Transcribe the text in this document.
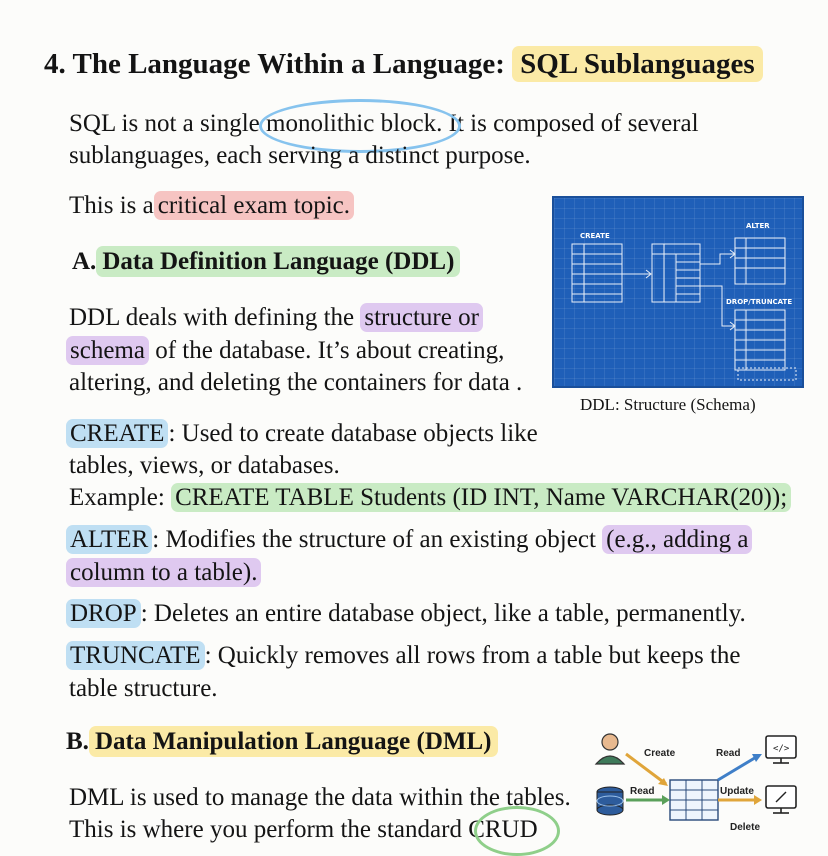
4. The Language Within a Language: SQL Sublanguages
SQL is not a single monolithic block. It is composed of several
sublanguages, each serving a distinct purpose.
This is a critical exam topic.
A. Data Definition Language (DDL)
DDL deals with defining the structure or
schema of the database. It’s about creating,
altering, and deleting the containers for data .
CREATE
ALTER
DROP/TRUNCATE
DDL: Structure (Schema)
CREATE : Used to create database objects like
tables, views, or databases.
Example: CREATE TABLE Students (ID INT, Name VARCHAR(20));
ALTER : Modifies the structure of an existing object (e.g., adding a
column to a table).
DROP : Deletes an entire database object, like a table, permanently.
TRUNCATE : Quickly removes all rows from a table but keeps the
table structure.
B. Data Manipulation Language (DML)
DML is used to manage the data within the tables.
This is where you perform the standard CRUD
</>
Create	Read
Read	Update
Delete
